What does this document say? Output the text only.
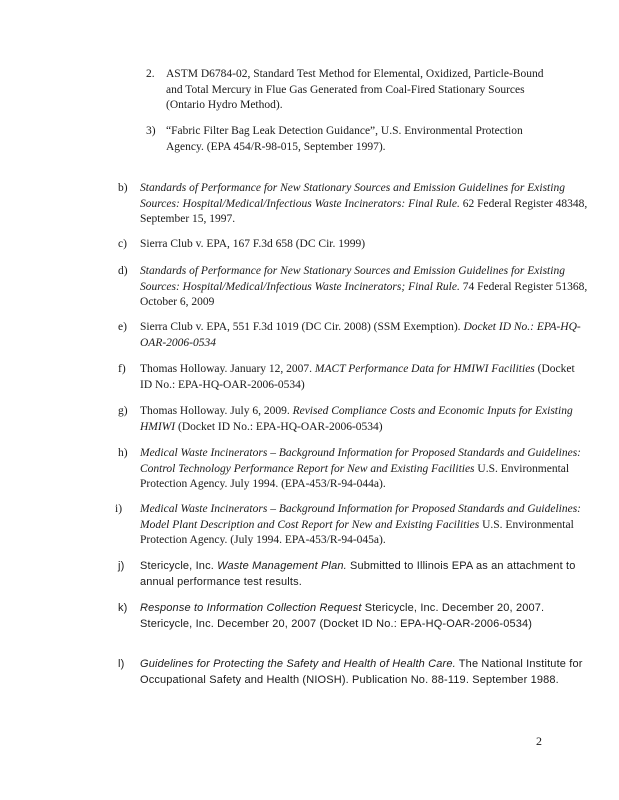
2. ASTM D6784-02, Standard Test Method for Elemental, Oxidized, Particle-Bound and Total Mercury in Flue Gas Generated from Coal-Fired Stationary Sources (Ontario Hydro Method).
3) “Fabric Filter Bag Leak Detection Guidance”, U.S. Environmental Protection Agency. (EPA 454/R-98-015, September 1997).
b)	Standards of Performance for New Stationary Sources and Emission Guidelines for Existing Sources: Hospital/Medical/Infectious Waste Incinerators: Final Rule. 62 Federal Register 48348, September 15, 1997.
c)	Sierra Club v. EPA, 167 F.3d 658 (DC Cir. 1999)
d)	Standards of Performance for New Stationary Sources and Emission Guidelines for Existing Sources: Hospital/Medical/Infectious Waste Incinerators; Final Rule. 74 Federal Register 51368, October 6, 2009
e)	Sierra Club v. EPA, 551 F.3d 1019 (DC Cir. 2008) (SSM Exemption). Docket ID No.: EPA-HQ-OAR-2006-0534
f)	Thomas Holloway. January 12, 2007. MACT Performance Data for HMIWI Facilities (Docket ID No.: EPA-HQ-OAR-2006-0534)
g)	Thomas Holloway. July 6, 2009. Revised Compliance Costs and Economic Inputs for Existing HMIWI (Docket ID No.: EPA-HQ-OAR-2006-0534)
h)	Medical Waste Incinerators – Background Information for Proposed Standards and Guidelines: Control Technology Performance Report for New and Existing Facilities U.S. Environmental Protection Agency. July 1994. (EPA-453/R-94-044a).
i)	Medical Waste Incinerators – Background Information for Proposed Standards and Guidelines: Model Plant Description and Cost Report for New and Existing Facilities U.S. Environmental Protection Agency. (July 1994. EPA-453/R-94-045a).
j)	Stericycle, Inc. Waste Management Plan. Submitted to Illinois EPA as an attachment to annual performance test results.
k)	Response to Information Collection Request Stericycle, Inc. December 20, 2007. Stericycle, Inc. December 20, 2007 (Docket ID No.: EPA-HQ-OAR-2006-0534)
l)	Guidelines for Protecting the Safety and Health of Health Care. The National Institute for Occupational Safety and Health (NIOSH). Publication No. 88-119. September 1988.
2
